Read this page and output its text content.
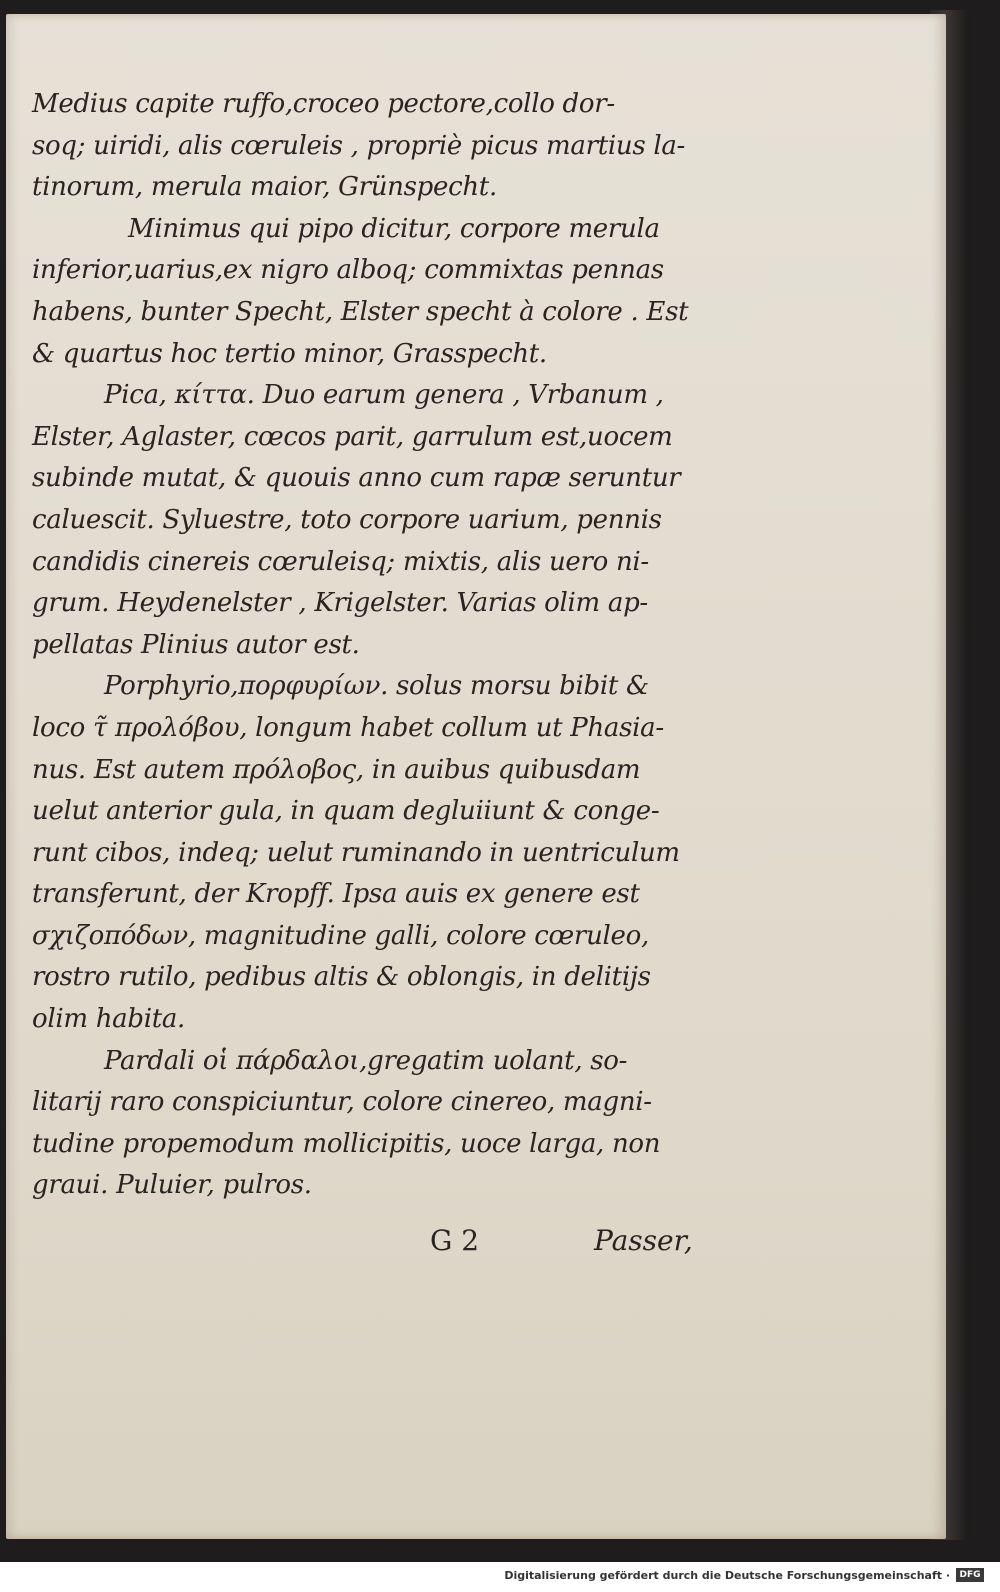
Medius capite ruffo,croceo pectore,collo dor-
soq; uiridi, alis cœruleis , propriè picus martius la-
tinorum, merula maior, Grünspecht.
Minimus qui pipo dicitur, corpore merula
inferior,uarius,ex nigro alboq; commixtas pennas
habens, bunter Specht, Elster specht à colore . Est
& quartus hoc tertio minor, Grasspecht.
Pica, κίττα. Duo earum genera , Vrbanum ,
Elster, Aglaster, cœcos parit, garrulum est,uocem
subinde mutat, & quouis anno cum rapæ seruntur
caluescit. Syluestre, toto corpore uarium, pennis
candidis cinereis cœruleisq; mixtis, alis uero ni-
grum. Heydenelster , Krigelster. Varias olim ap-
pellatas Plinius autor est.
Porphyrio,πορφυρίων. solus morsu bibit &
loco τ̃ προλόβου, longum habet collum ut Phasia-
nus. Est autem πρόλοβος, in auibus quibusdam
uelut anterior gula, in quam degluiiunt & conge-
runt cibos, indeq; uelut ruminando in uentriculum
transferunt, der Kropff. Ipsa auis ex genere est
σχιζοπόδων, magnitudine galli, colore cœruleo,
rostro rutilo, pedibus altis & oblongis, in delitijs
olim habita.
Pardali οἱ πάρδαλοι,gregatim uolant, so-
litarij raro conspiciuntur, colore cinereo, magni-
tudine propemodum mollicipitis, uoce larga, non
graui. Puluier, pulros.
G 2	Passer,
Digitalisierung gefördert durch die Deutsche Forschungsgemeinschaft ·	DFG
